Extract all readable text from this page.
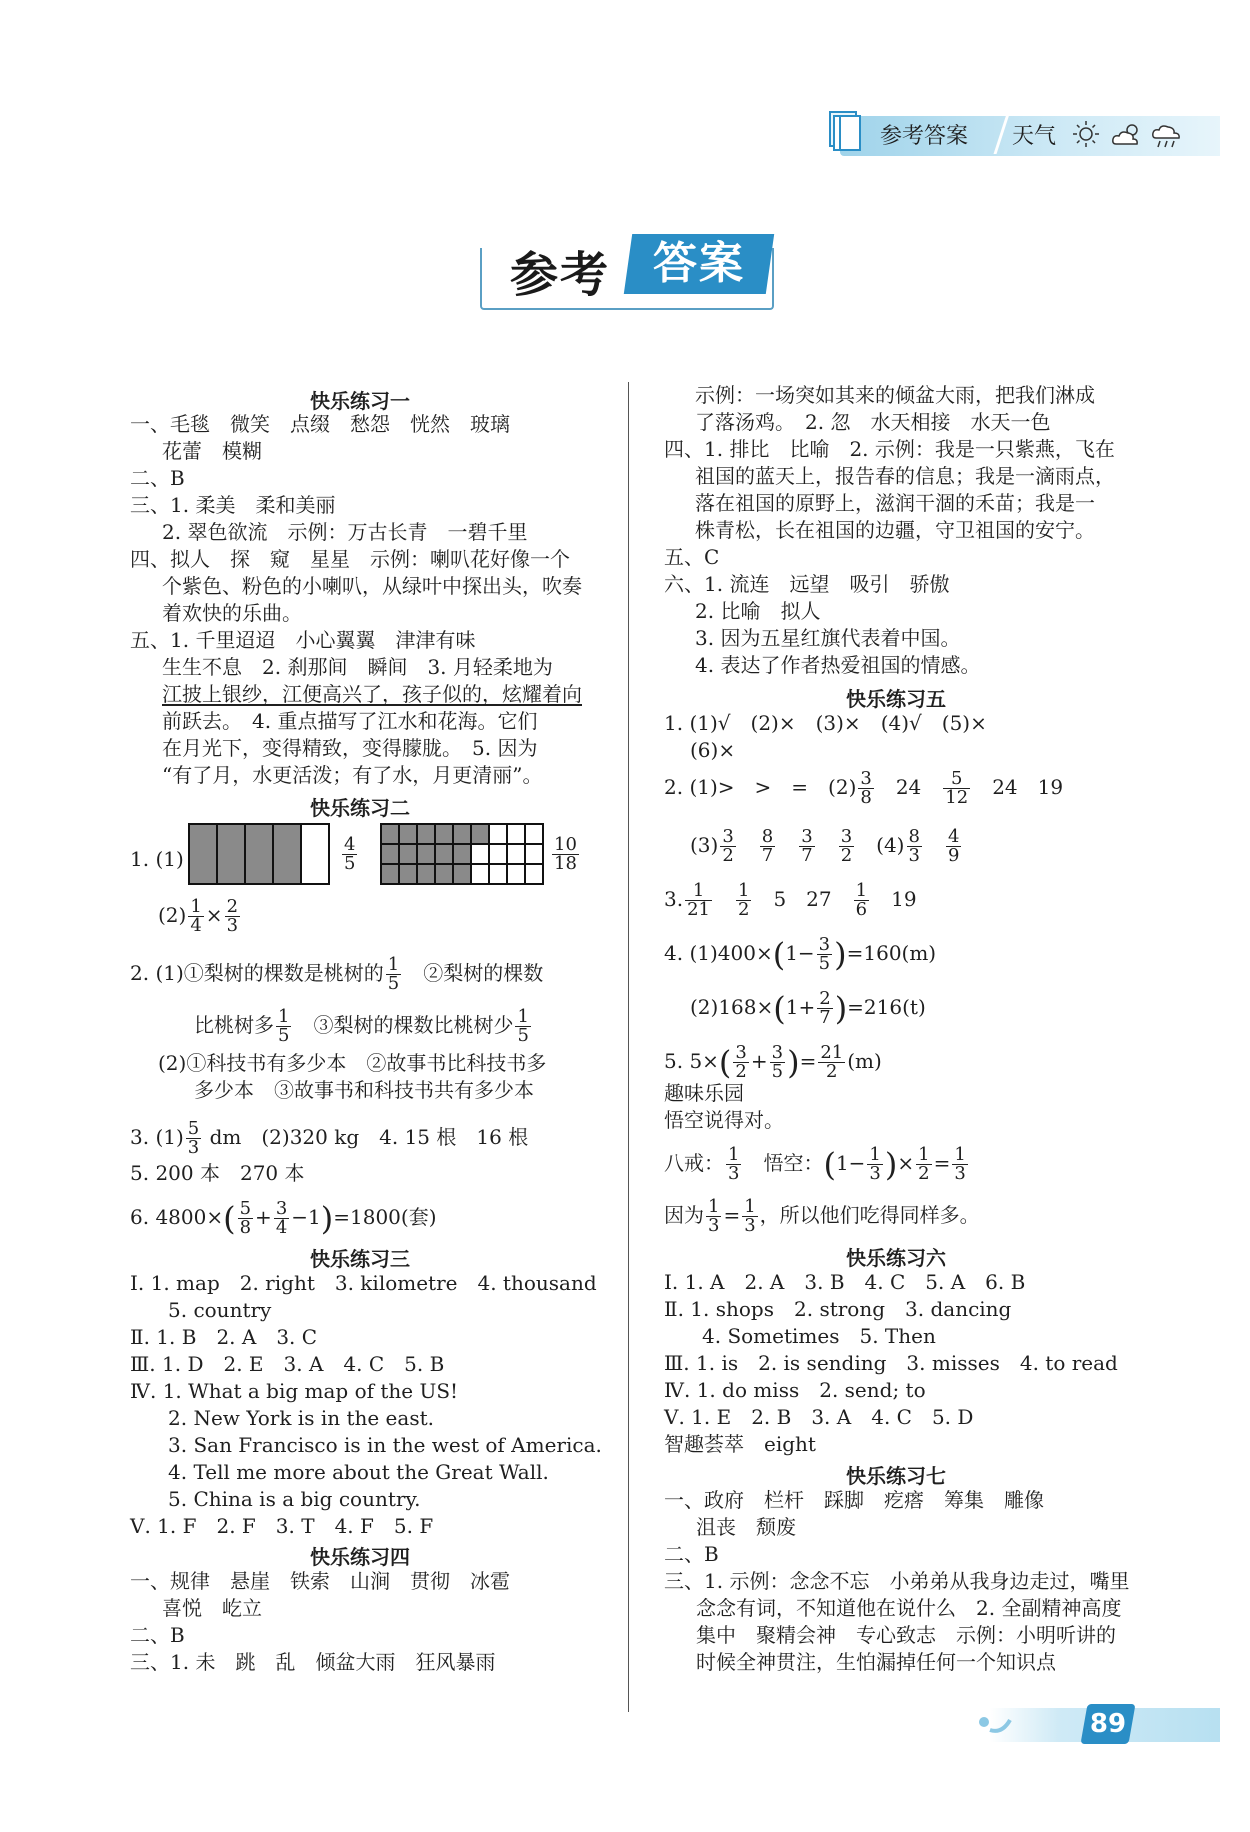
参考答案 天气
参考 答案
快乐练习一
一、毛毯　微笑　点缀　愁怨　恍然　玻璃
花蕾　模糊
二、B
三、1. 柔美　柔和美丽
2. 翠色欲流　示例：万古长青　一碧千里
四、拟人　探　窥　星星　示例：喇叭花好像一个
个紫色、粉色的小喇叭，从绿叶中探出头，吹奏
着欢快的乐曲。
五、1. 千里迢迢　小心翼翼　津津有味
生生不息　2. 刹那间　瞬间　3. 月轻柔地为
江披上银纱，江便高兴了，孩子似的，炫耀着向
前跃去。　4. 重点描写了江水和花海。它们
在月光下，变得精致，变得朦胧。　5. 因为
“有了月，水更活泼；有了水，月更清丽”。
快乐练习二
1. (1)	$\frac{4}{5}$	$\frac{10}{18}$
$(2) \frac{1}{4} \times \frac{2}{3}$
2. (1)①梨树的棵数是桃树的 $\frac{1}{5}$ 　②梨树的棵数
比桃树多 $\frac{1}{5}$ 　③梨树的棵数比桃树少 $\frac{1}{5}$
(2)①科技书有多少本　②故事书比科技书多
多少本　③故事书和科技书共有多少本
3. $(1) \frac{5}{3}$ dm　(2)320 kg　4. 15 根　16 根
5. 200 本　270 本
6. $4800\times( \frac{5}{8} + \frac{3}{4} -1)=1800$(套)
快乐练习三
Ⅰ. 1. map　2. right　3. kilometre　4. thousand
5. country
Ⅱ. 1. B　2. A　3. C
Ⅲ. 1. D　2. E　3. A　4. C　5. B
Ⅳ. 1. What a big map of the US!
2. New York is in the east.
3. San Francisco is in the west of America.
4. Tell me more about the Great Wall.
5. China is a big country.
Ⅴ. 1. F　2. F　3. T　4. F　5. F
快乐练习四
一、规律　悬崖　铁索　山涧　贯彻　冰雹
喜悦　屹立
二、B
三、1. 未　跳　乱　倾盆大雨　狂风暴雨
示例：一场突如其来的倾盆大雨，把我们淋成
了落汤鸡。　2. 忽　水天相接　水天一色
四、1. 排比　比喻　2. 示例：我是一只紫燕，飞在
祖国的蓝天上，报告春的信息；我是一滴雨点，
落在祖国的原野上，滋润干涸的禾苗；我是一
株青松，长在祖国的边疆，守卫祖国的安宁。
五、C
六、1. 流连　远望　吸引　骄傲
2. 比喻　拟人
3. 因为五星红旗代表着中国。
4. 表达了作者热爱祖国的情感。
快乐练习五
1. (1)√　(2)×　(3)×　(4)√　(5)×
(6)×
2. (1)>　>　=　$(2) \frac{3}{8}$
　 24　 $\frac{5}{12}$
　 24　19
$(3) \frac{3}{2}$
　 $\frac{8}{7}$
　 $\frac{3}{7}$
　 $\frac{3}{2}$
　 $(4) \frac{8}{3}$
　 $\frac{4}{9}$
3. $\frac{1}{21}$
　 $\frac{1}{2}$
　 5　27　 $\frac{1}{6}$
　 19
4. $(1)400\times(1- \frac{3}{5} )=160(m)$
$(2)168\times(1+ \frac{2}{7} )=216(t)$
5. $5\times( \frac{3}{2} + \frac{3}{5}$ )= $\frac{21}{2} (m)$
趣味乐园
悟空说得对。
八戒： $\frac{1}{3}$
　 悟空：($1- \frac{1}{3}$ )× $\frac{1}{2} = \frac{1}{3}$
因为 $\frac{1}{3} = \frac{1}{3}$ ，所以他们吃得同样多。
快乐练习六
Ⅰ. 1. A　2. A　3. B　4. C　5. A　6. B
Ⅱ. 1. shops　2. strong　3. dancing
4. Sometimes　5. Then
Ⅲ. 1. is　2. is sending　3. misses　4. to read
Ⅳ. 1. do miss　2. send; to
Ⅴ. 1. E　2. B　3. A　4. C　5. D
智趣荟萃　eight
快乐练习七
一、政府　栏杆　踩脚　疙瘩　筹集　雕像
沮丧　颓废
二、B
三、1. 示例：念念不忘　小弟弟从我身边走过，嘴里
念念有词，不知道他在说什么　2. 全副精神高度
集中　聚精会神　专心致志　示例：小明听讲的
时候全神贯注，生怕漏掉任何一个知识点
89
